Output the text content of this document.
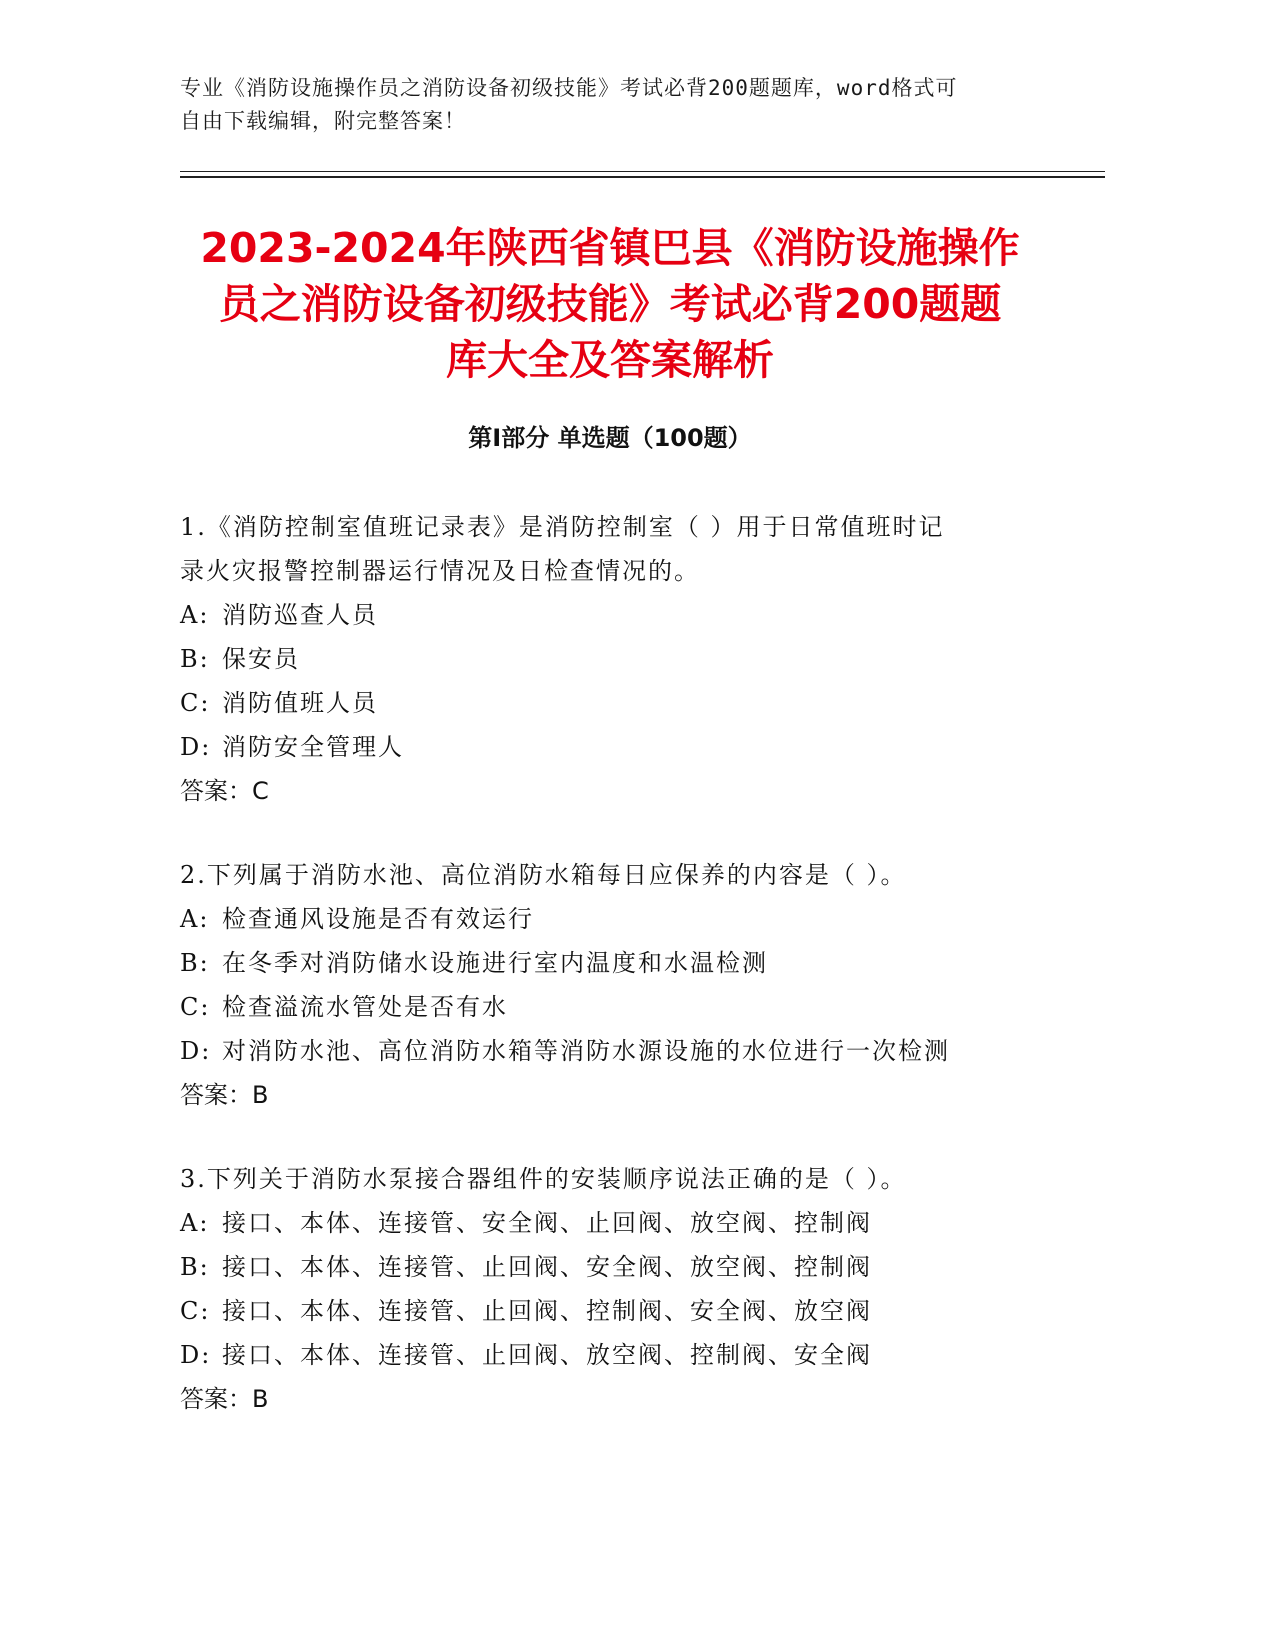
专业《消防设施操作员之消防设备初级技能》考试必背200题题库，word格式可
自由下载编辑，附完整答案！
2023-2024年陕西省镇巴县《消防设施操作
员之消防设备初级技能》考试必背200题题
库大全及答案解析
第Ⅰ部分 单选题（100题）
1.《消防控制室值班记录表》是消防控制室（ ）用于日常值班时记
录火灾报警控制器运行情况及日检查情况的。
A: 消防巡查人员
B: 保安员
C: 消防值班人员
D: 消防安全管理人
答案：C
2.下列属于消防水池、高位消防水箱每日应保养的内容是（ ）。
A: 检查通风设施是否有效运行
B: 在冬季对消防储水设施进行室内温度和水温检测
C: 检查溢流水管处是否有水
D: 对消防水池、高位消防水箱等消防水源设施的水位进行一次检测
答案：B
3.下列关于消防水泵接合器组件的安装顺序说法正确的是（ ）。
A: 接口、本体、连接管、安全阀、止回阀、放空阀、控制阀
B: 接口、本体、连接管、止回阀、安全阀、放空阀、控制阀
C: 接口、本体、连接管、止回阀、控制阀、安全阀、放空阀
D: 接口、本体、连接管、止回阀、放空阀、控制阀、安全阀
答案：B
